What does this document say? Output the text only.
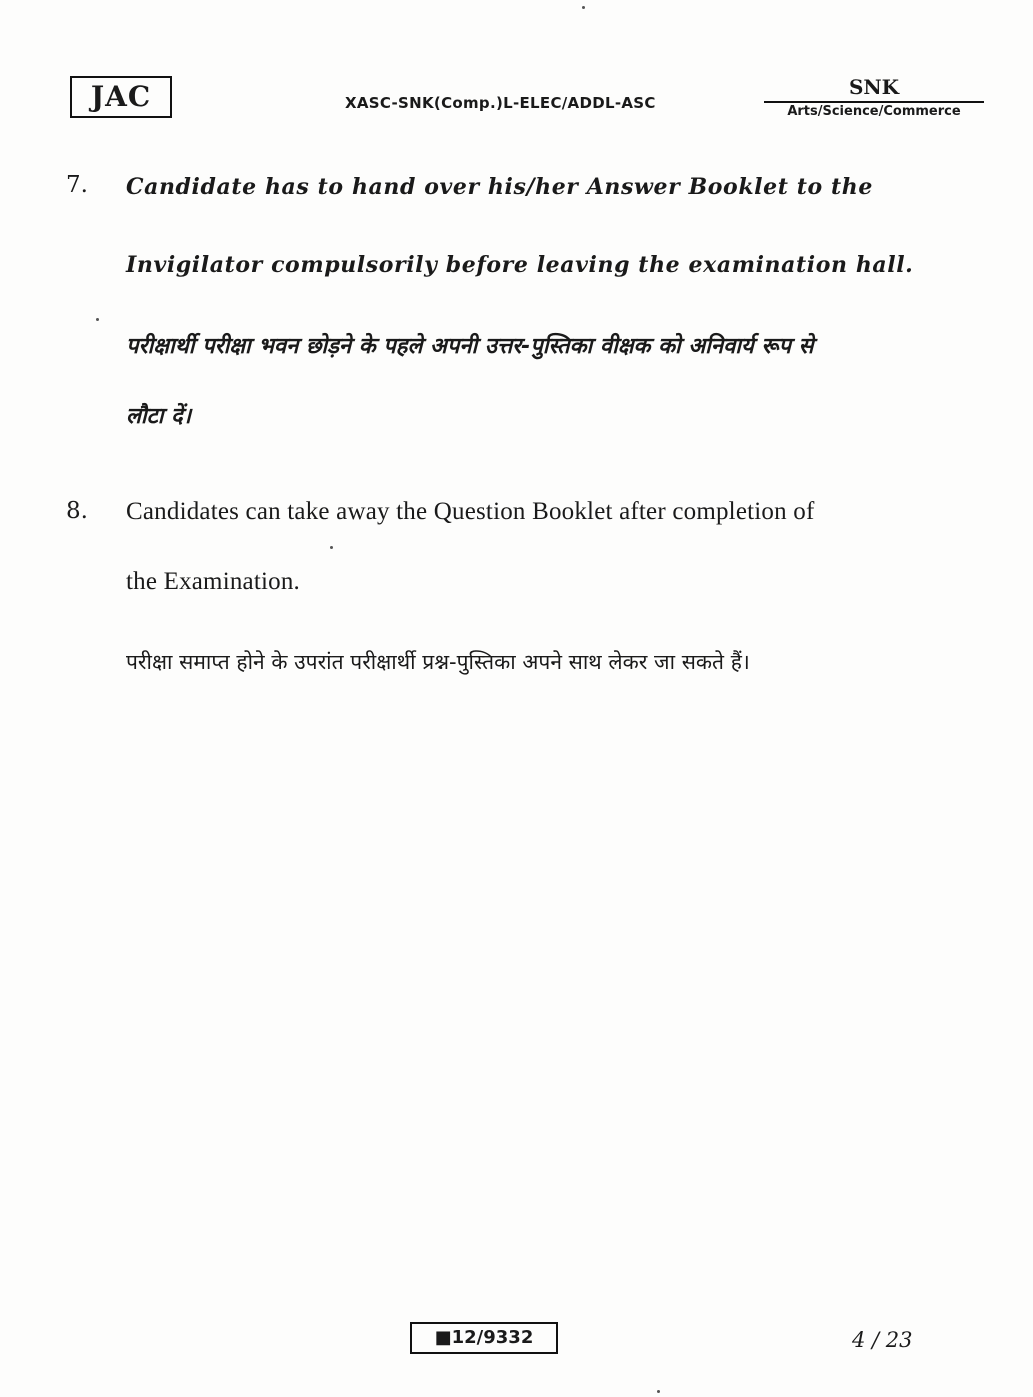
JAC	XASC-SNK(Comp.)L-ELEC/ADDL-ASC
SNK
Arts/Science/Commerce
7. Candidate has to hand over his/her Answer Booklet to the
Invigilator compulsorily before leaving the examination hall.
परीक्षार्थी परीक्षा भवन छोड़ने के पहले अपनी उत्तर-पुस्तिका वीक्षक को अनिवार्य रूप से
लौटा दें।
8. Candidates can take away the Question Booklet after completion of
the Examination.
परीक्षा समाप्त होने के उपरांत परीक्षार्थी प्रश्न-पुस्तिका अपने साथ लेकर जा सकते हैं।
■12/9332	4 / 23
